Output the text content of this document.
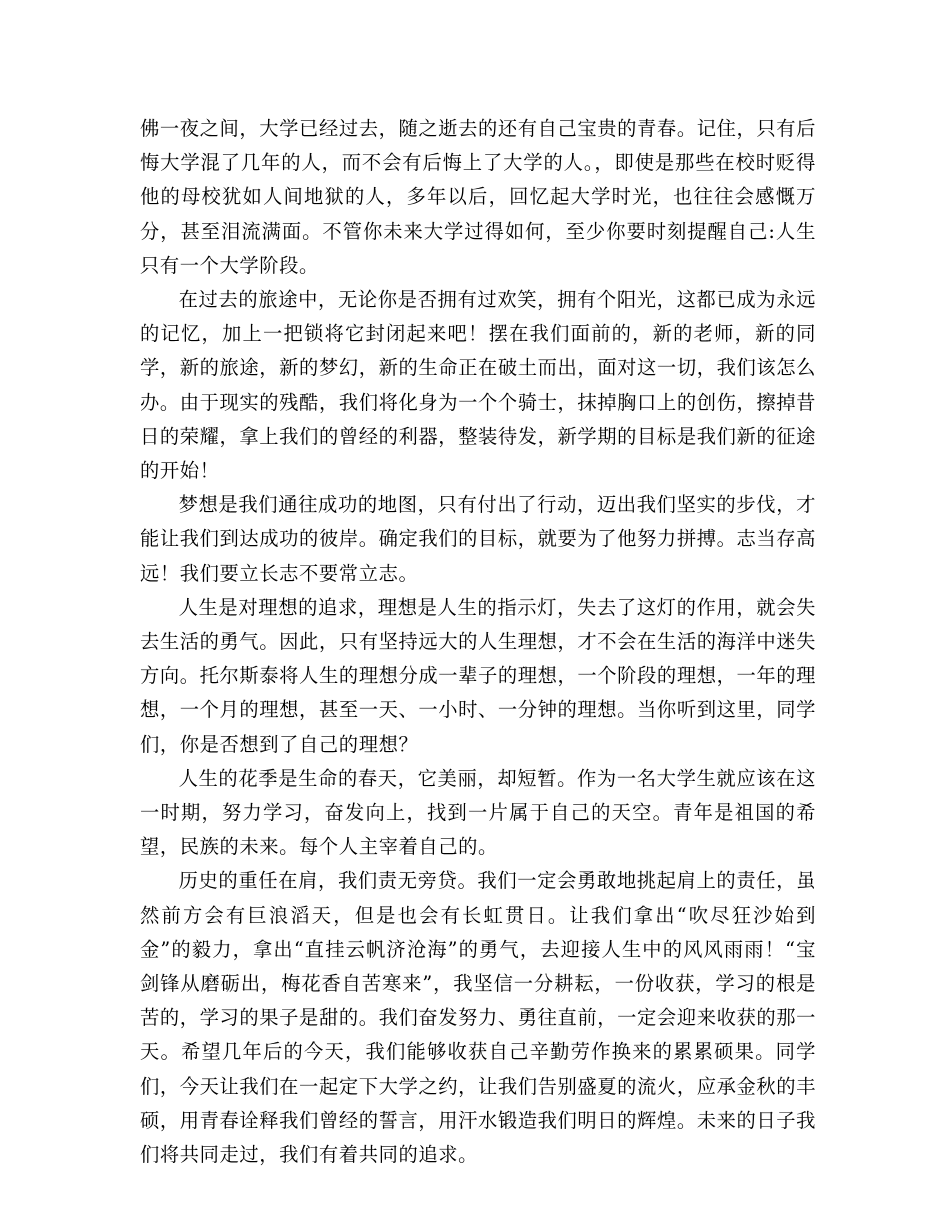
佛一夜之间，大学已经过去，随之逝去的还有自己宝贵的青春。记住，只有后悔大学混了几年的人，而不会有后悔上了大学的人。，即使是那些在校时贬得他的母校犹如人间地狱的人，多年以后，回忆起大学时光，也往往会感慨万分，甚至泪流满面。不管你未来大学过得如何，至少你要时刻提醒自己:人生只有一个大学阶段。

在过去的旅途中，无论你是否拥有过欢笑，拥有个阳光，这都已成为永远的记忆，加上一把锁将它封闭起来吧！摆在我们面前的，新的老师，新的同学，新的旅途，新的梦幻，新的生命正在破土而出，面对这一切，我们该怎么办。由于现实的残酷，我们将化身为一个个骑士，抹掉胸口上的创伤，擦掉昔日的荣耀，拿上我们的曾经的利器，整装待发，新学期的目标是我们新的征途的开始！

梦想是我们通往成功的地图，只有付出了行动，迈出我们坚实的步伐，才能让我们到达成功的彼岸。确定我们的目标，就要为了他努力拼搏。志当存高远！我们要立长志不要常立志。

人生是对理想的追求，理想是人生的指示灯，失去了这灯的作用，就会失去生活的勇气。因此，只有坚持远大的人生理想，才不会在生活的海洋中迷失方向。托尔斯泰将人生的理想分成一辈子的理想，一个阶段的理想，一年的理想，一个月的理想，甚至一天、一小时、一分钟的理想。当你听到这里，同学们，你是否想到了自己的理想？

人生的花季是生命的春天，它美丽，却短暂。作为一名大学生就应该在这一时期，努力学习，奋发向上，找到一片属于自己的天空。青年是祖国的希望，民族的未来。每个人主宰着自己的。

历史的重任在肩，我们责无旁贷。我们一定会勇敢地挑起肩上的责任，虽然前方会有巨浪滔天，但是也会有长虹贯日。让我们拿出“吹尽狂沙始到金”的毅力，拿出“直挂云帆济沧海”的勇气，去迎接人生中的风风雨雨！“宝剑锋从磨砺出，梅花香自苦寒来”，我坚信一分耕耘，一份收获，学习的根是苦的，学习的果子是甜的。我们奋发努力、勇往直前，一定会迎来收获的那一天。希望几年后的今天，我们能够收获自己辛勤劳作换来的累累硕果。同学们，今天让我们在一起定下大学之约，让我们告别盛夏的流火，应承金秋的丰硕，用青春诠释我们曾经的誓言，用汗水锻造我们明日的辉煌。未来的日子我们将共同走过，我们有着共同的追求。
